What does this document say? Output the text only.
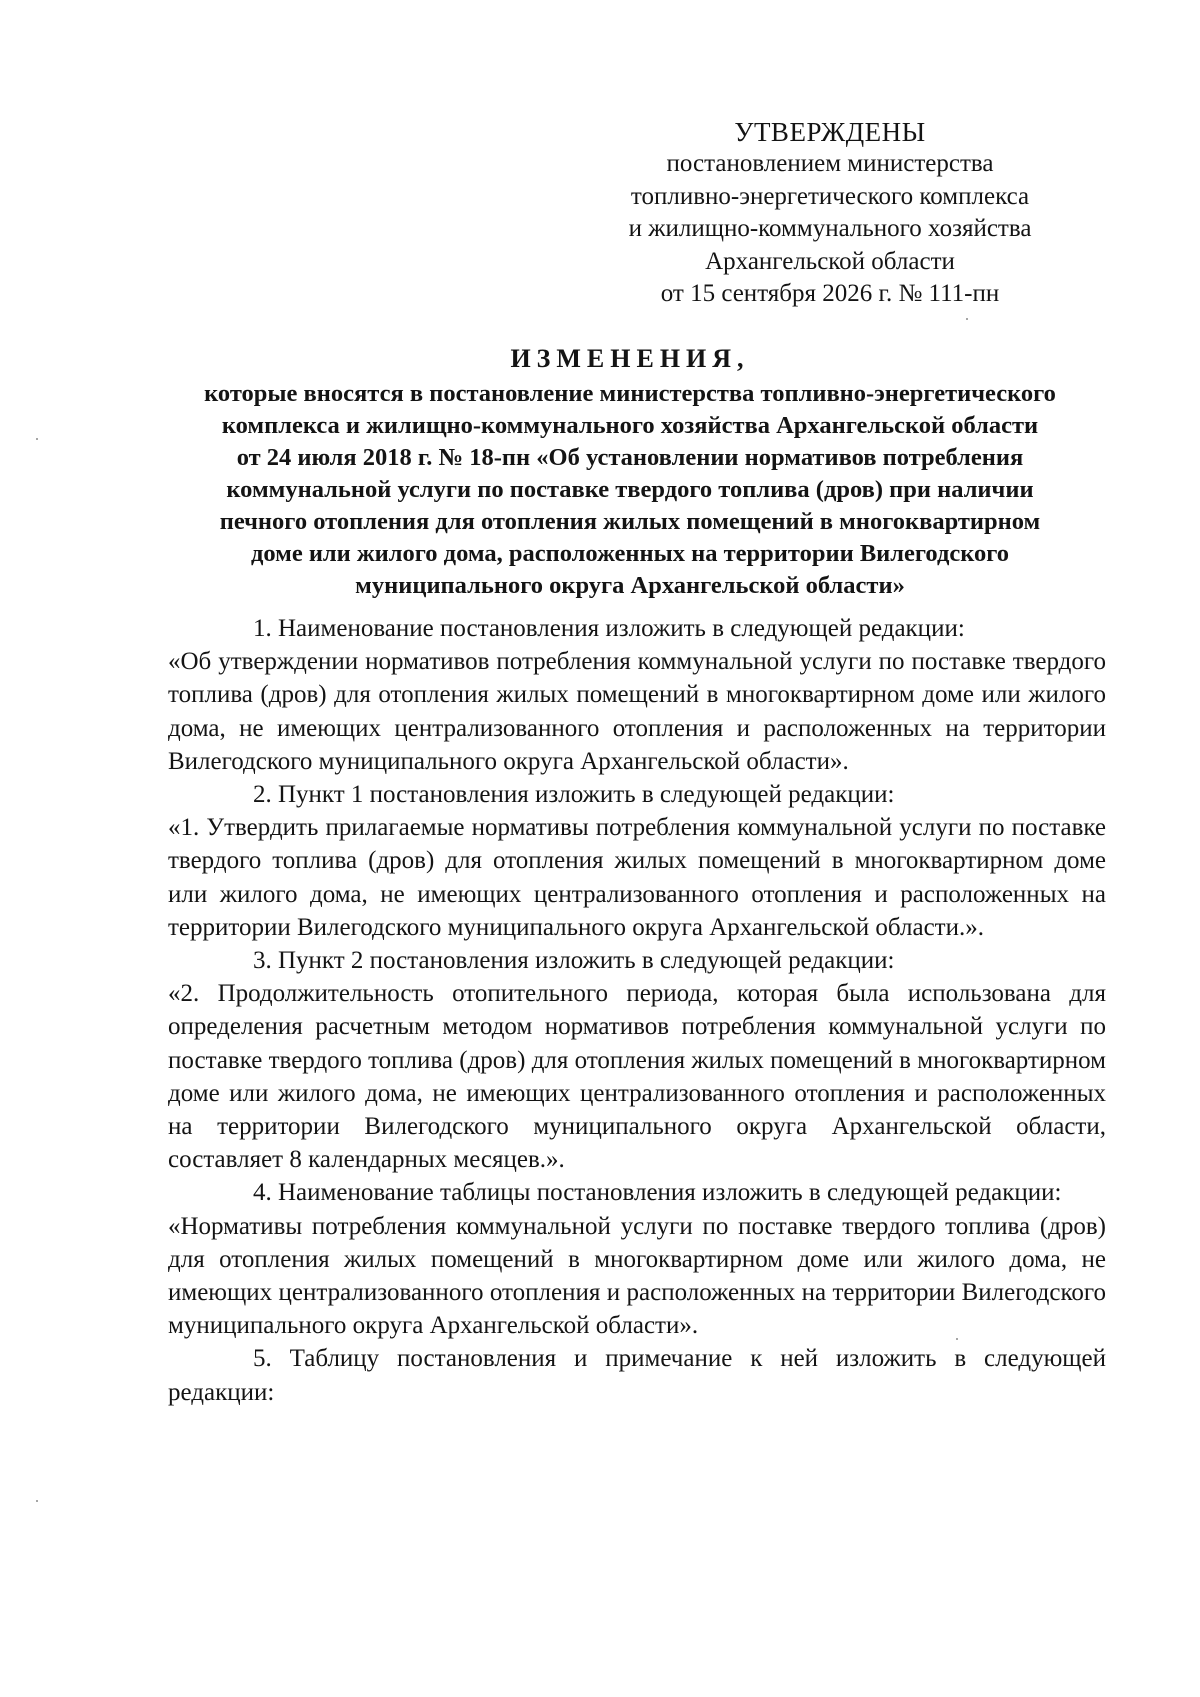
УТВЕРЖДЕНЫ
постановлением министерства
топливно-энергетического комплекса
и жилищно-коммунального хозяйства
Архангельской области
от 15 сентября 2026 г. № 111-пн
ИЗМЕНЕНИЯ,
которые вносятся в постановление министерства топливно-энергетического
комплекса и жилищно-коммунального хозяйства Архангельской области
от 24 июля 2018 г. № 18-пн «Об установлении нормативов потребления
коммунальной услуги по поставке твердого топлива (дров) при наличии
печного отопления для отопления жилых помещений в многоквартирном
доме или жилого дома, расположенных на территории Вилегодского
муниципального округа Архангельской области»

1. Наименование постановления изложить в следующей редакции:

«Об утверждении нормативов потребления коммунальной услуги по поставке твердого топлива (дров) для отопления жилых помещений в многоквартирном доме или жилого дома, не имеющих централизованного отопления и расположенных на территории Вилегодского муниципального округа Архангельской области».

2. Пункт 1 постановления изложить в следующей редакции:

«1. Утвердить прилагаемые нормативы потребления коммунальной услуги по поставке твердого топлива (дров) для отопления жилых помещений в многоквартирном доме или жилого дома, не имеющих централизованного отопления и расположенных на территории Вилегодского муниципального округа Архангельской области.».

3. Пункт 2 постановления изложить в следующей редакции:

«2. Продолжительность отопительного периода, которая была использована для определения расчетным методом нормативов потребления коммунальной услуги по поставке твердого топлива (дров) для отопления жилых помещений в многоквартирном доме или жилого дома, не имеющих централизованного отопления и расположенных на территории Вилегодского муниципального округа Архангельской области, составляет 8 календарных месяцев.».

4. Наименование таблицы постановления изложить в следующей редакции:

«Нормативы потребления коммунальной услуги по поставке твердого топлива (дров) для отопления жилых помещений в многоквартирном доме или жилого дома, не имеющих централизованного отопления и расположенных на территории Вилегодского муниципального округа Архангельской области».

5. Таблицу постановления и примечание к ней изложить в следующей редакции:
